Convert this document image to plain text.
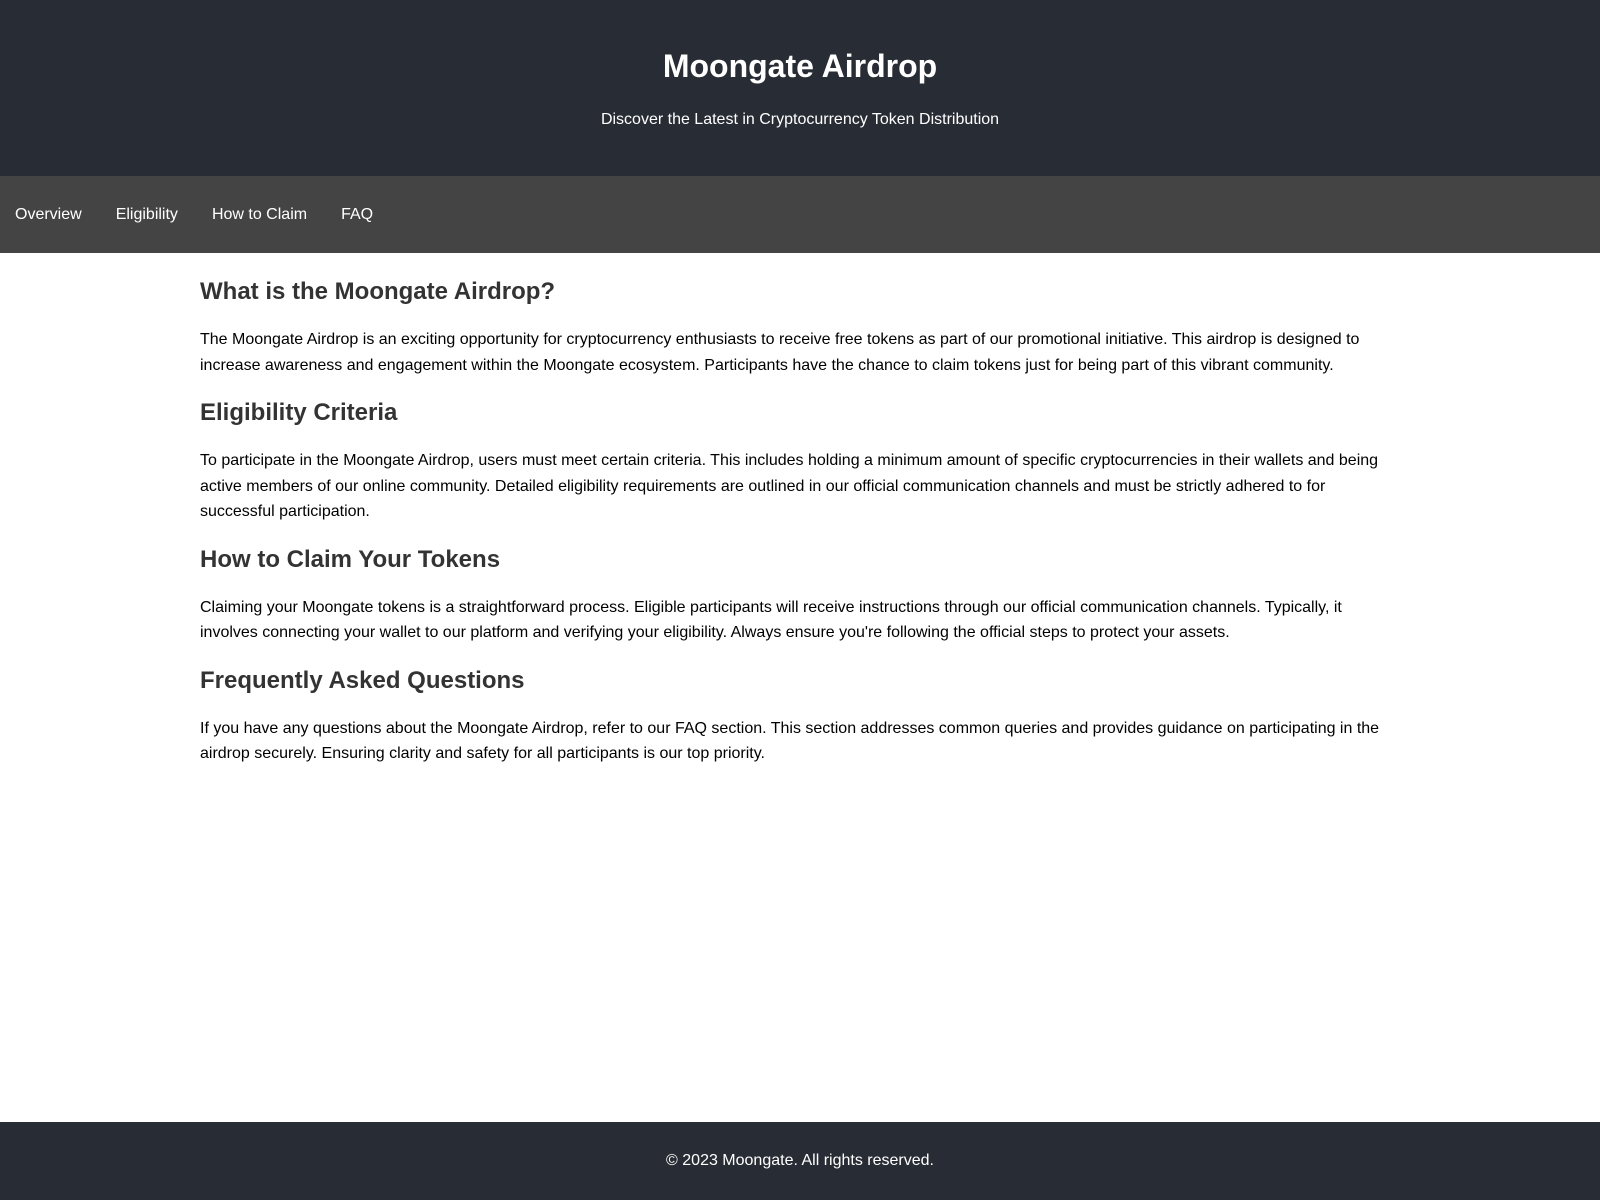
Moongate Airdrop

Discover the Latest in Cryptocurrency Token Distribution

Overview Eligibility How to Claim FAQ
What is the Moongate Airdrop?

The Moongate Airdrop is an exciting opportunity for cryptocurrency enthusiasts to receive free tokens as part of our promotional initiative. This airdrop is designed to increase awareness and engagement within the Moongate ecosystem. Participants have the chance to claim tokens just for being part of this vibrant community.

Eligibility Criteria

To participate in the Moongate Airdrop, users must meet certain criteria. This includes holding a minimum amount of specific cryptocurrencies in their wallets and being active members of our online community. Detailed eligibility requirements are outlined in our official communication channels and must be strictly adhered to for successful participation.

How to Claim Your Tokens

Claiming your Moongate tokens is a straightforward process. Eligible participants will receive instructions through our official communication channels. Typically, it involves connecting your wallet to our platform and verifying your eligibility. Always ensure you're following the official steps to protect your assets.

Frequently Asked Questions

If you have any questions about the Moongate Airdrop, refer to our FAQ section. This section addresses common queries and provides guidance on participating in the airdrop securely. Ensuring clarity and safety for all participants is our top priority.

© 2023 Moongate. All rights reserved.
